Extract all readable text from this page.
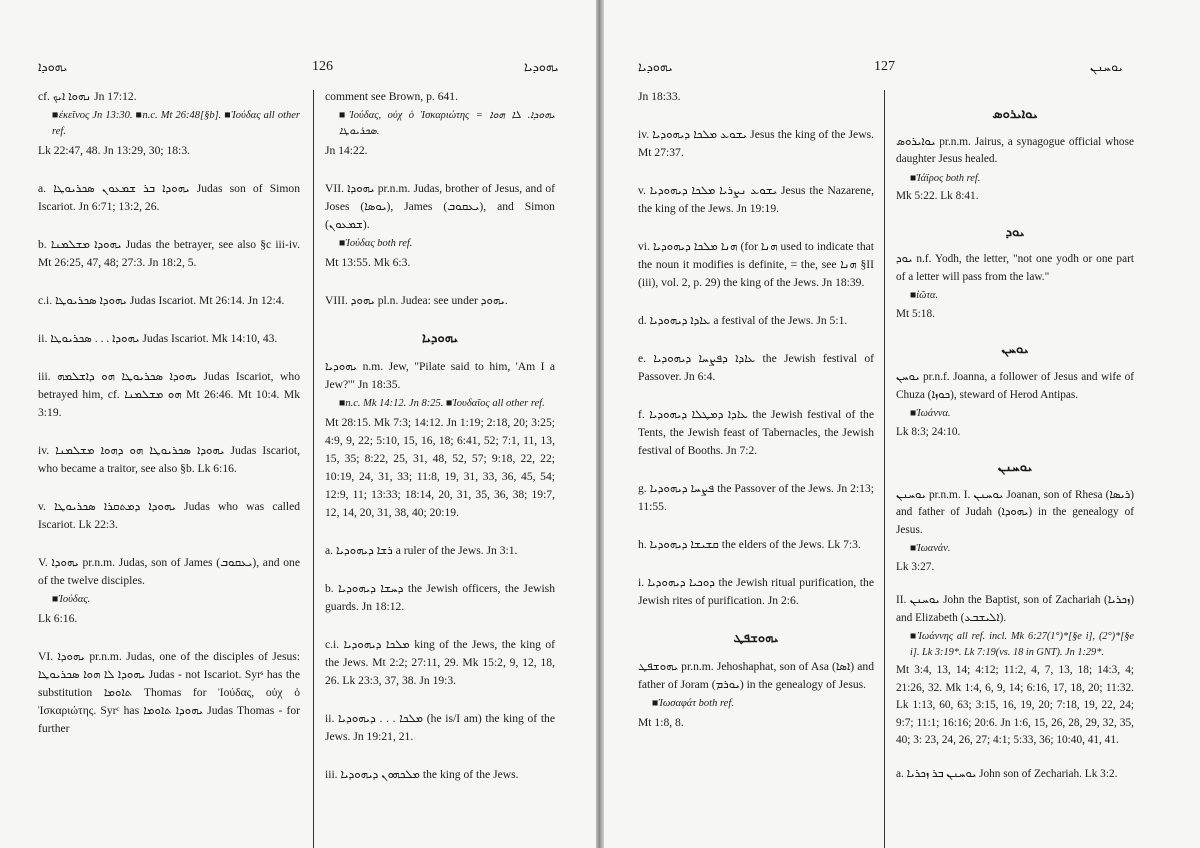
ܝܗܘܕܐ	126	ܝܗܘܕܝܐ
cf. ܢܗܘܐ ܐܝܟ Jn 17:12.
■ἐκεῖνος Jn 13:30. ■n.c. Mt 26:48[§b]. ■Ἰούδας all other ref.
Lk 22:47, 48. Jn 13:29, 30; 18:3.
a. ܝܗܘܕܐ ܒܪ ܫܡܥܘܢ ܣܟܪܝܘܛܐ Judas son of Simon Iscariot. Jn 6:71; 13:2, 26.
b. ܝܗܘܕܐ ܡܫܠܡܢܐ Judas the betrayer, see also §c iii-iv. Mt 26:25, 47, 48; 27:3. Jn 18:2, 5.
c.i. ܝܗܘܕܐ ܣܟܪܝܘܛܐ Judas Iscariot. Mt 26:14. Jn 12:4.
ii. ܝܗܘܕܐ . . . ܣܟܪܝܘܛܐ Judas Iscariot. Mk 14:10, 43.
iii. ܝܗܘܕܐ ܣܟܪܝܘܛܐ ܗܘ ܕܐܫܠܡܗ Judas Iscariot, who betrayed him, cf. ܗܘ ܡܫܠܡܢܐ Mt 26:46. Mt 10:4. Mk 3:19.
iv. ܝܗܘܕܐ ܣܟܪܝܘܛܐ ܗܘ ܕܗܘܐ ܡܫܠܡܢܐ Judas Iscariot, who became a traitor, see also §b. Lk 6:16.
v. ܝܗܘܕܐ ܕܡܬܩܪܐ ܣܟܪܝܘܛܐ Judas who was called Iscariot. Lk 22:3.
V. ܝܗܘܕܐ pr.n.m. Judas, son of James (ܝܥܩܘܒ), and one of the twelve disciples.
■Ἰούδας.
Lk 6:16.
VI. ܝܗܘܕܐ pr.n.m. Judas, one of the disciples of Jesus: ܝܗܘܕܐ ܠܐ ܗܘܐ ܣܟܪܝܘܛܐ Judas - not Iscariot. Syrˢ has the substitution ܬܐܘܡܐ Thomas for Ἰούδας, οὐχ ὁ Ἰσκαριώτης. Syrᶜ has ܝܗܘܕܐ ܬܐܘܡܐ Judas Thomas - for further
comment see Brown, p. 641.
■Ἰούδας, οὐχ ὁ Ἰσκαριώτης = ܝܗܘܕܐ. ܠܐ ܗܘܐ ܣܟܪܝܘܛܐ.
Jn 14:22.
VII. ܝܗܘܕܐ pr.n.m. Judas, brother of Jesus, and of Joses (ܝܘܣܐ), James (ܝܥܩܘܒ), and Simon (ܫܡܥܘܢ).
■Ἰούδας both ref.
Mt 13:55. Mk 6:3.
VIII. ܝܗܘܕ pl.n. Judea: see under ܝܗܘܕ.
ܝܗܘܕܝܐ
ܝܗܘܕܝܐ n.m. Jew, "Pilate said to him, 'Am I a Jew?'" Jn 18:35.
■n.c. Mk 14:12. Jn 8:25. ■Ἰουδαῖος all other ref.
Mt 28:15. Mk 7:3; 14:12. Jn 1:19; 2:18, 20; 3:25; 4:9, 9, 22; 5:10, 15, 16, 18; 6:41, 52; 7:1, 11, 13, 15, 35; 8:22, 25, 31, 48, 52, 57; 9:18, 22, 22; 10:19, 24, 31, 33; 11:8, 19, 31, 33, 36, 45, 54; 12:9, 11; 13:33; 18:14, 20, 31, 35, 36, 38; 19:7, 12, 14, 20, 31, 38, 40; 20:19.
a. ܪܫܐ ܕܝܗܘܕܝܐ a ruler of the Jews. Jn 3:1.
b. ܕܚܫܐ ܕܝܗܘܕܝܐ the Jewish officers, the Jewish guards. Jn 18:12.
c.i. ܡܠܟܐ ܕܝܗܘܕܝܐ king of the Jews, the king of the Jews. Mt 2:2; 27:11, 29. Mk 15:2, 9, 12, 18, 26. Lk 23:3, 37, 38. Jn 19:3.
ii. ܡܠܟܐ . . . ܕܝܗܘܕܝܐ (he is/I am) the king of the Jews. Jn 19:21, 21.
iii. ܡܠܟܗܘܢ ܕܝܗܘܕܝܐ the king of the Jews.
ܝܗܘܕܝܐ	127	ܝܘܚܢܢ
Jn 18:33.
iv. ܝܫܘܥ ܡܠܟܐ ܕܝܗܘܕܝܐ Jesus the king of the Jews. Mt 27:37.
v. ܝܫܘܥ ܢܨܪܝܐ ܡܠܟܐ ܕܝܗܘܕܝܐ Jesus the Nazarene, the king of the Jews. Jn 19:19.
vi. ܗܢܐ ܡܠܟܐ ܕܝܗܘܕܝܐ (for ܗܢܐ used to indicate that the noun it modifies is definite, = the, see ܗܢܐ §II (iii), vol. 2, p. 29) the king of the Jews. Jn 18:39.
d. ܥܐܕܐ ܕܝܗܘܕܝܐ a festival of the Jews. Jn 5:1.
e. ܥܐܕܐ ܕܦܨܚܐ ܕܝܗܘܕܝܐ the Jewish festival of Passover. Jn 6:4.
f. ܥܐܕܐ ܕܡܛܠܐ ܕܝܗܘܕܝܐ the Jewish festival of the Tents, the Jewish feast of Tabernacles, the Jewish festival of Booths. Jn 7:2.
g. ܦܨܚܐ ܕܝܗܘܕܝܐ the Passover of the Jews. Jn 2:13; 11:55.
h. ܩܫܝܫܐ ܕܝܗܘܕܝܐ the elders of the Jews. Lk 7:3.
i. ܕܘܟܝܐ ܕܝܗܘܕܝܐ the Jewish ritual purification, the Jewish rites of purification. Jn 2:6.
ܝܗܘܫܦܛ
ܝܗܘܫܦܛ pr.n.m. Jehoshaphat, son of Asa (ܐܣܐ) and father of Joram (ܝܘܪܡ) in the genealogy of Jesus.
■Ἰωσαφάτ both ref.
Mt 1:8, 8.
ܝܘܐܝܪܘܣ
ܝܘܐܝܪܘܣ pr.n.m. Jairus, a synagogue official whose daughter Jesus healed.
■Ἰάϊρος both ref.
Mk 5:22. Lk 8:41.
ܝܘܕ
ܝܘܕ n.f. Yodh, the letter, "not one yodh or one part of a letter will pass from the law."
■ἰῶτα.
Mt 5:18.
ܝܘܚܢ
ܝܘܚܢ pr.n.f. Joanna, a follower of Jesus and wife of Chuza (ܟܘܙܐ), steward of Herod Antipas.
■Ἰωάννα.
Lk 8:3; 24:10.
ܝܘܚܢܢ
ܝܘܚܢܢ pr.n.m. I. ܝܘܚܢܢ Joanan, son of Rhesa (ܪܝܣܐ) and father of Judah (ܝܗܘܕܐ) in the genealogy of Jesus.
■Ἰωανάν.
Lk 3:27.
II. ܝܘܚܢܢ John the Baptist, son of Zachariah (ܙܟܪܝܐ) and Elizabeth (ܐܠܝܫܒܥ).
■Ἰωάννης all ref. incl. Mk 6:27(1°)*[§e i], (2°)*[§e i]. Lk 3:19*. Lk 7:19(vs. 18 in GNT). Jn 1:29*.
Mt 3:4, 13, 14; 4:12; 11:2, 4, 7, 13, 18; 14:3, 4; 21:26, 32. Mk 1:4, 6, 9, 14; 6:16, 17, 18, 20; 11:32. Lk 1:13, 60, 63; 3:15, 16, 19, 20; 7:18, 19, 22, 24; 9:7; 11:1; 16:16; 20:6. Jn 1:6, 15, 26, 28, 29, 32, 35, 40; 3: 23, 24, 26, 27; 4:1; 5:33, 36; 10:40, 41, 41.
a. ܝܘܚܢܢ ܒܪ ܙܟܪܝܐ John son of Zechariah. Lk 3:2.
